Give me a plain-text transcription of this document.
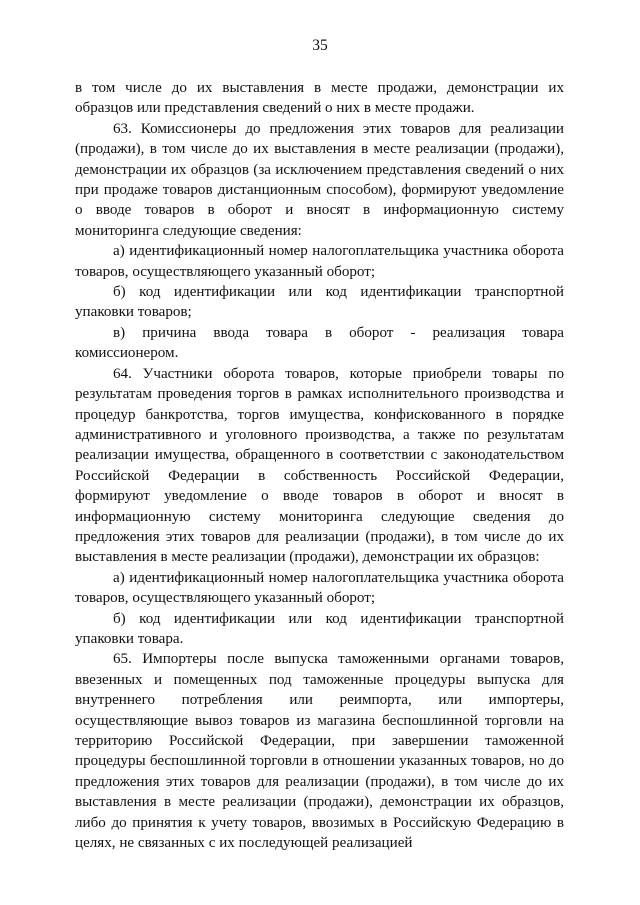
35

в том числе до их выставления в месте продажи, демонстрации их образцов или представления сведений о них в месте продажи.

63. Комиссионеры до предложения этих товаров для реализации (продажи), в том числе до их выставления в месте реализации (продажи), демонстрации их образцов (за исключением представления сведений о них при продаже товаров дистанционным способом), формируют уведомление о вводе товаров в оборот и вносят в информационную систему мониторинга следующие сведения:

а) идентификационный номер налогоплательщика участника оборота товаров, осуществляющего указанный оборот;

б) код идентификации или код идентификации транспортной упаковки товаров;

в) причина ввода товара в оборот - реализация товара комиссионером.

64. Участники оборота товаров, которые приобрели товары по результатам проведения торгов в рамках исполнительного производства и процедур банкротства, торгов имущества, конфискованного в порядке административного и уголовного производства, а также по результатам реализации имущества, обращенного в соответствии с законодательством Российской Федерации в собственность Российской Федерации, формируют уведомление о вводе товаров в оборот и вносят в информационную систему мониторинга следующие сведения до предложения этих товаров для реализации (продажи), в том числе до их выставления в месте реализации (продажи), демонстрации их образцов:

а) идентификационный номер налогоплательщика участника оборота товаров, осуществляющего указанный оборот;

б) код идентификации или код идентификации транспортной упаковки товара.

65. Импортеры после выпуска таможенными органами товаров, ввезенных и помещенных под таможенные процедуры выпуска для внутреннего потребления или реимпорта, или импортеры, осуществляющие вывоз товаров из магазина беспошлинной торговли на территорию Российской Федерации, при завершении таможенной процедуры беспошлинной торговли в отношении указанных товаров, но до предложения этих товаров для реализации (продажи), в том числе до их выставления в месте реализации (продажи), демонстрации их образцов, либо до принятия к учету товаров, ввозимых в Российскую Федерацию в целях, не связанных с их последующей реализацией
